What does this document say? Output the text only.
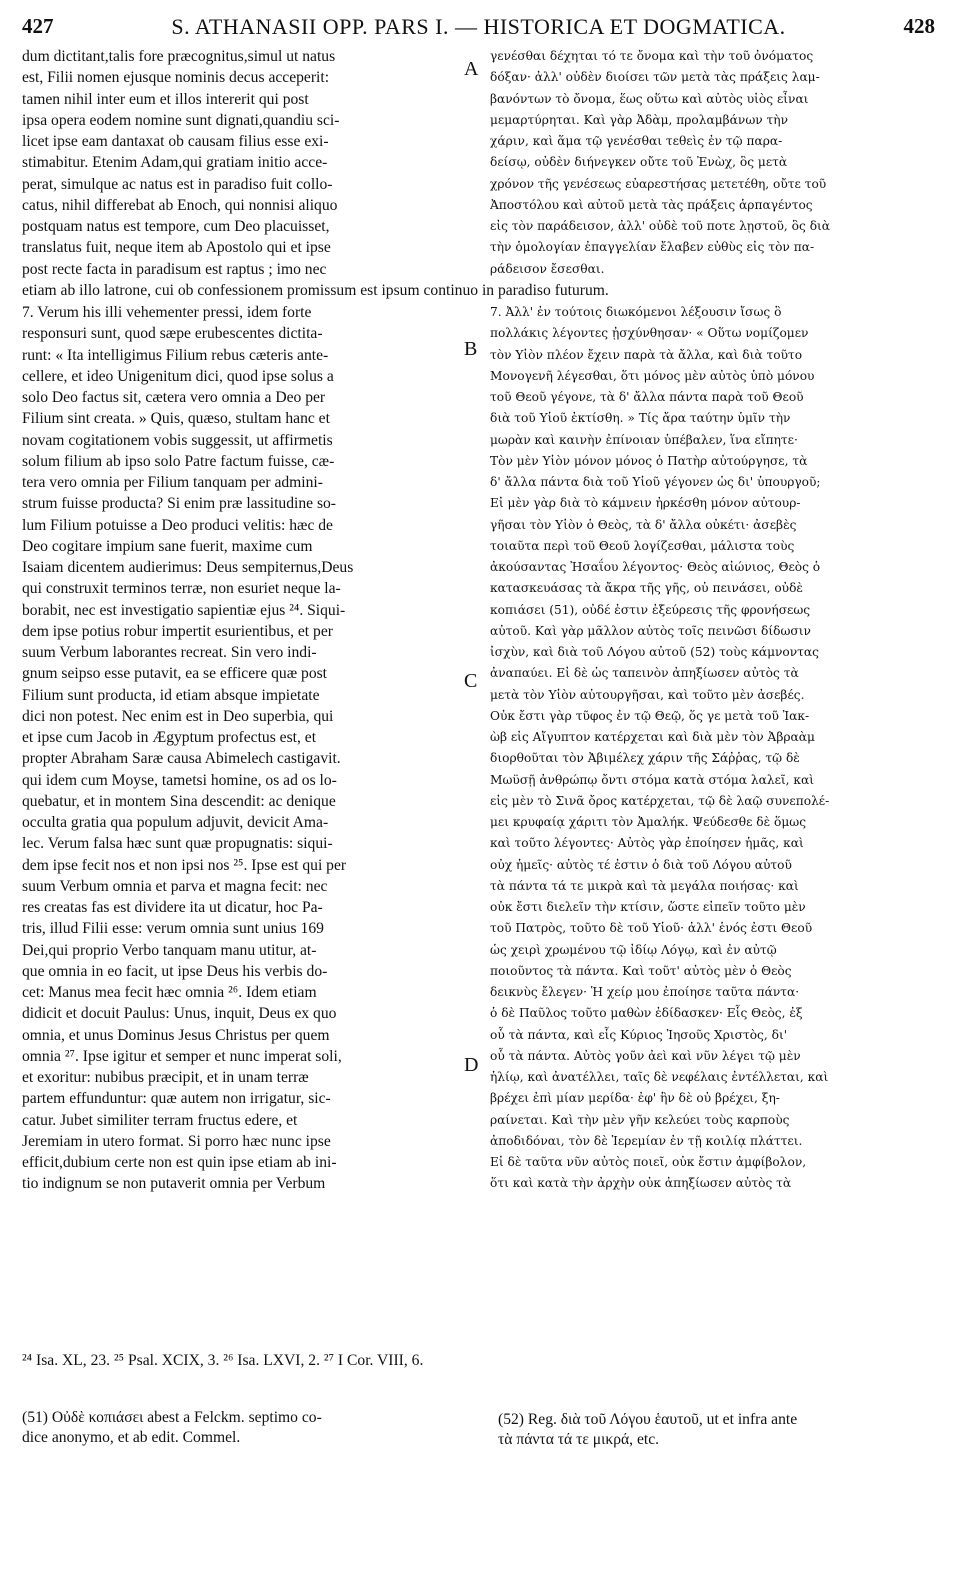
427	S. ATHANASII OPP. PARS I. — HISTORICA ET DOGMATICA.	428
dum dictitant,talis fore præcognitus,simul ut natus
est, Filii nomen ejusque nominis decus acceperit:
tamen nihil inter eum et illos intererit qui post
ipsa opera eodem nomine sunt dignati,quandiu sci-
licet ipse eam dantaxat ob causam filius esse exi-
stimabitur. Etenim Adam,qui gratiam initio acce-
perat, simulque ac natus est in paradiso fuit collo-
catus, nihil differebat ab Enoch, qui nonnisi aliquo
postquam natus est tempore, cum Deo placuisset,
translatus fuit, neque item ab Apostolo qui et ipse
post recte facta in paradisum est raptus ; imo nec
γενέσθαι δέχηται τό τε ὄνομα καὶ τὴν τοῦ ὀνόματος
δόξαν· ἀλλ' οὐδὲν διοίσει τῶν μετὰ τὰς πράξεις λαμ-
βανόντων τὸ ὄνομα, ἕως οὕτω καὶ αὐτὸς υἱὸς εἶναι
μεμαρτύρηται. Καὶ γὰρ Ἀδὰμ, προλαμβάνων τὴν
χάριν, καὶ ἅμα τῷ γενέσθαι τεθεὶς ἐν τῷ παρα-
δείσῳ, οὐδὲν διήνεγκεν οὔτε τοῦ Ἐνὼχ, ὃς μετὰ
χρόνον τῆς γενέσεως εὐαρεστήσας μετετέθη, οὔτε τοῦ
Ἀποστόλου καὶ αὐτοῦ μετὰ τὰς πράξεις ἁρπαγέντος
εἰς τὸν παράδεισον, ἀλλ' οὐδὲ τοῦ ποτε λῃστοῦ, ὃς διὰ
τὴν ὁμολογίαν ἐπαγγελίαν ἔλαβεν εὐθὺς εἰς τὸν πα-
ράδεισον ἔσεσθαι.
etiam ab illo latrone, cui ob confessionem promissum est ipsum continuo in paradiso futurum.
7. Verum his illi vehementer pressi, idem forte
responsuri sunt, quod sæpe erubescentes dictita-
runt: « Ita intelligimus Filium rebus cæteris ante-
cellere, et ideo Unigenitum dici, quod ipse solus a
solo Deo factus sit, cætera vero omnia a Deo per
Filium sint creata. » Quis, quæso, stultam hanc et
novam cogitationem vobis suggessit, ut affirmetis
solum filium ab ipso solo Patre factum fuisse, cæ-
tera vero omnia per Filium tanquam per admini-
strum fuisse producta? Si enim præ lassitudine so-
lum Filium potuisse a Deo produci velitis: hæc de
Deo cogitare impium sane fuerit, maxime cum
Isaiam dicentem audierimus: Deus sempiternus,Deus
qui construxit terminos terræ, non esuriet neque la-
borabit, nec est investigatio sapientiæ ejus ²⁴. Siqui-
dem ipse potius robur impertit esurientibus, et per
suum Verbum laborantes recreat. Sin vero indi-
gnum seipso esse putavit, ea se efficere quæ post
Filium sunt producta, id etiam absque impietate
dici non potest. Nec enim est in Deo superbia, qui
et ipse cum Jacob in Ægyptum profectus est, et
propter Abraham Saræ causa Abimelech castigavit.
qui idem cum Moyse, tametsi homine, os ad os lo-
quebatur, et in montem Sina descendit: ac denique
occulta gratia qua populum adjuvit, devicit Ama-
lec. Verum falsa hæc sunt quæ propugnatis: siqui-
dem ipse fecit nos et non ipsi nos ²⁵. Ipse est qui per
suum Verbum omnia et parva et magna fecit: nec
res creatas fas est dividere ita ut dicatur, hoc Pa-
tris, illud Filii esse: verum omnia sunt unius 169
Dei,qui proprio Verbo tanquam manu utitur, at-
que omnia in eo facit, ut ipse Deus his verbis do-
cet: Manus mea fecit hæc omnia ²⁶. Idem etiam
didicit et docuit Paulus: Unus, inquit, Deus ex quo
omnia, et unus Dominus Jesus Christus per quem
omnia ²⁷. Ipse igitur et semper et nunc imperat soli,
et exoritur: nubibus præcipit, et in unam terræ
partem effunduntur: quæ autem non irrigatur, sic-
catur. Jubet similiter terram fructus edere, et
Jeremiam in utero format. Si porro hæc nunc ipse
efficit,dubium certe non est quin ipse etiam ab ini-
tio indignum se non putaverit omnia per Verbum
7. Ἀλλ' ἐν τούτοις διωκόμενοι λέξουσιν ἴσως ὃ
πολλάκις λέγοντες ᾐσχύνθησαν· « Οὕτω νομίζομεν
τὸν Υἱὸν πλέον ἔχειν παρὰ τὰ ἄλλα, καὶ διὰ τοῦτο
Μονογενῆ λέγεσθαι, ὅτι μόνος μὲν αὐτὸς ὑπὸ μόνου
τοῦ Θεοῦ γέγονε, τὰ δ' ἄλλα πάντα παρὰ τοῦ Θεοῦ
διὰ τοῦ Υἱοῦ ἐκτίσθη. » Τίς ἄρα ταύτην ὑμῖν τὴν
μωρὰν καὶ καινὴν ἐπίνοιαν ὑπέβαλεν, ἵνα εἴπητε·
Τὸν μὲν Υἱὸν μόνον μόνος ὁ Πατὴρ αὐτούργησε, τὰ
δ' ἄλλα πάντα διὰ τοῦ Υἱοῦ γέγονεν ὡς δι' ὑπουργοῦ;
Εἰ μὲν γὰρ διὰ τὸ κάμνειν ἠρκέσθη μόνον αὐτουρ-
γῆσαι τὸν Υἱὸν ὁ Θεὸς, τὰ δ' ἄλλα οὐκέτι· ἀσεβὲς
τοιαῦτα περὶ τοῦ Θεοῦ λογίζεσθαι, μάλιστα τοὺς
ἀκούσαντας Ἠσαΐου λέγοντος· Θεὸς αἰώνιος, Θεὸς ὁ
κατασκευάσας τὰ ἄκρα τῆς γῆς, οὐ πεινάσει, οὐδὲ
κοπιάσει (51), οὐδέ ἐστιν ἐξεύρεσις τῆς φρονήσεως
αὐτοῦ. Καὶ γὰρ μᾶλλον αὐτὸς τοῖς πεινῶσι δίδωσιν
ἰσχὺν, καὶ διὰ τοῦ Λόγου αὐτοῦ (52) τοὺς κάμνοντας
ἀναπαύει. Εἰ δὲ ὡς ταπεινὸν ἀπηξίωσεν αὐτὸς τὰ
μετὰ τὸν Υἱὸν αὐτουργῆσαι, καὶ τοῦτο μὲν ἀσεβές.
Οὐκ ἔστι γὰρ τῦφος ἐν τῷ Θεῷ, ὅς γε μετὰ τοῦ Ἰακ-
ὼβ εἰς Αἴγυπτον κατέρχεται καὶ διὰ μὲν τὸν Ἀβραὰμ
διορθοῦται τὸν Ἀβιμέλεχ χάριν τῆς Σάῤῥας, τῷ δὲ
Μωϋσῇ ἀνθρώπῳ ὄντι στόμα κατὰ στόμα λαλεῖ, καὶ
εἰς μὲν τὸ Σινᾶ ὄρος κατέρχεται, τῷ δὲ λαῷ συνεπολέ-
μει κρυφαίᾳ χάριτι τὸν Ἀμαλήκ. Ψεύδεσθε δὲ ὅμως
καὶ τοῦτο λέγοντες· Αὐτὸς γὰρ ἐποίησεν ἡμᾶς, καὶ
οὐχ ἡμεῖς· αὐτὸς τέ ἐστιν ὁ διὰ τοῦ Λόγου αὐτοῦ
τὰ πάντα τά τε μικρὰ καὶ τὰ μεγάλα ποιήσας· καὶ
οὐκ ἔστι διελεῖν τὴν κτίσιν, ὥστε εἰπεῖν τοῦτο μὲν
τοῦ Πατρὸς, τοῦτο δὲ τοῦ Υἱοῦ· ἀλλ' ἑνός ἐστι Θεοῦ
ὡς χειρὶ χρωμένου τῷ ἰδίῳ Λόγῳ, καὶ ἐν αὐτῷ
ποιοῦντος τὰ πάντα. Καὶ τοῦτ' αὐτὸς μὲν ὁ Θεὸς
δεικνὺς ἔλεγεν· Ἡ χείρ μου ἐποίησε ταῦτα πάντα·
ὁ δὲ Παῦλος τοῦτο μαθὼν ἐδίδασκεν· Εἷς Θεὸς, ἐξ
οὗ τὰ πάντα, καὶ εἷς Κύριος Ἰησοῦς Χριστὸς, δι'
οὗ τὰ πάντα. Αὐτὸς γοῦν ἀεὶ καὶ νῦν λέγει τῷ μὲν
ἡλίῳ, καὶ ἀνατέλλει, ταῖς δὲ νεφέλαις ἐντέλλεται, καὶ
βρέχει ἐπὶ μίαν μερίδα· ἐφ' ἣν δὲ οὐ βρέχει, ξη-
ραίνεται. Καὶ τὴν μὲν γῆν κελεύει τοὺς καρποὺς
ἀποδιδόναι, τὸν δὲ Ἱερεμίαν ἐν τῇ κοιλίᾳ πλάττει.
Εἰ δὲ ταῦτα νῦν αὐτὸς ποιεῖ, οὐκ ἔστιν ἀμφίβολον,
ὅτι καὶ κατὰ τὴν ἀρχὴν οὐκ ἀπηξίωσεν αὐτὸς τὰ
A
B
C
D
²⁴ Isa. XL, 23. ²⁵ Psal. XCIX, 3. ²⁶ Isa. LXVI, 2. ²⁷ I Cor. VIII, 6.
(51) Οὐδὲ κοπιάσει abest a Felckm. septimo co-
dice anonymo, et ab edit. Commel.
(52) Reg. διὰ τοῦ Λόγου ἑαυτοῦ, ut et infra ante
τὰ πάντα τά τε μικρά, etc.
